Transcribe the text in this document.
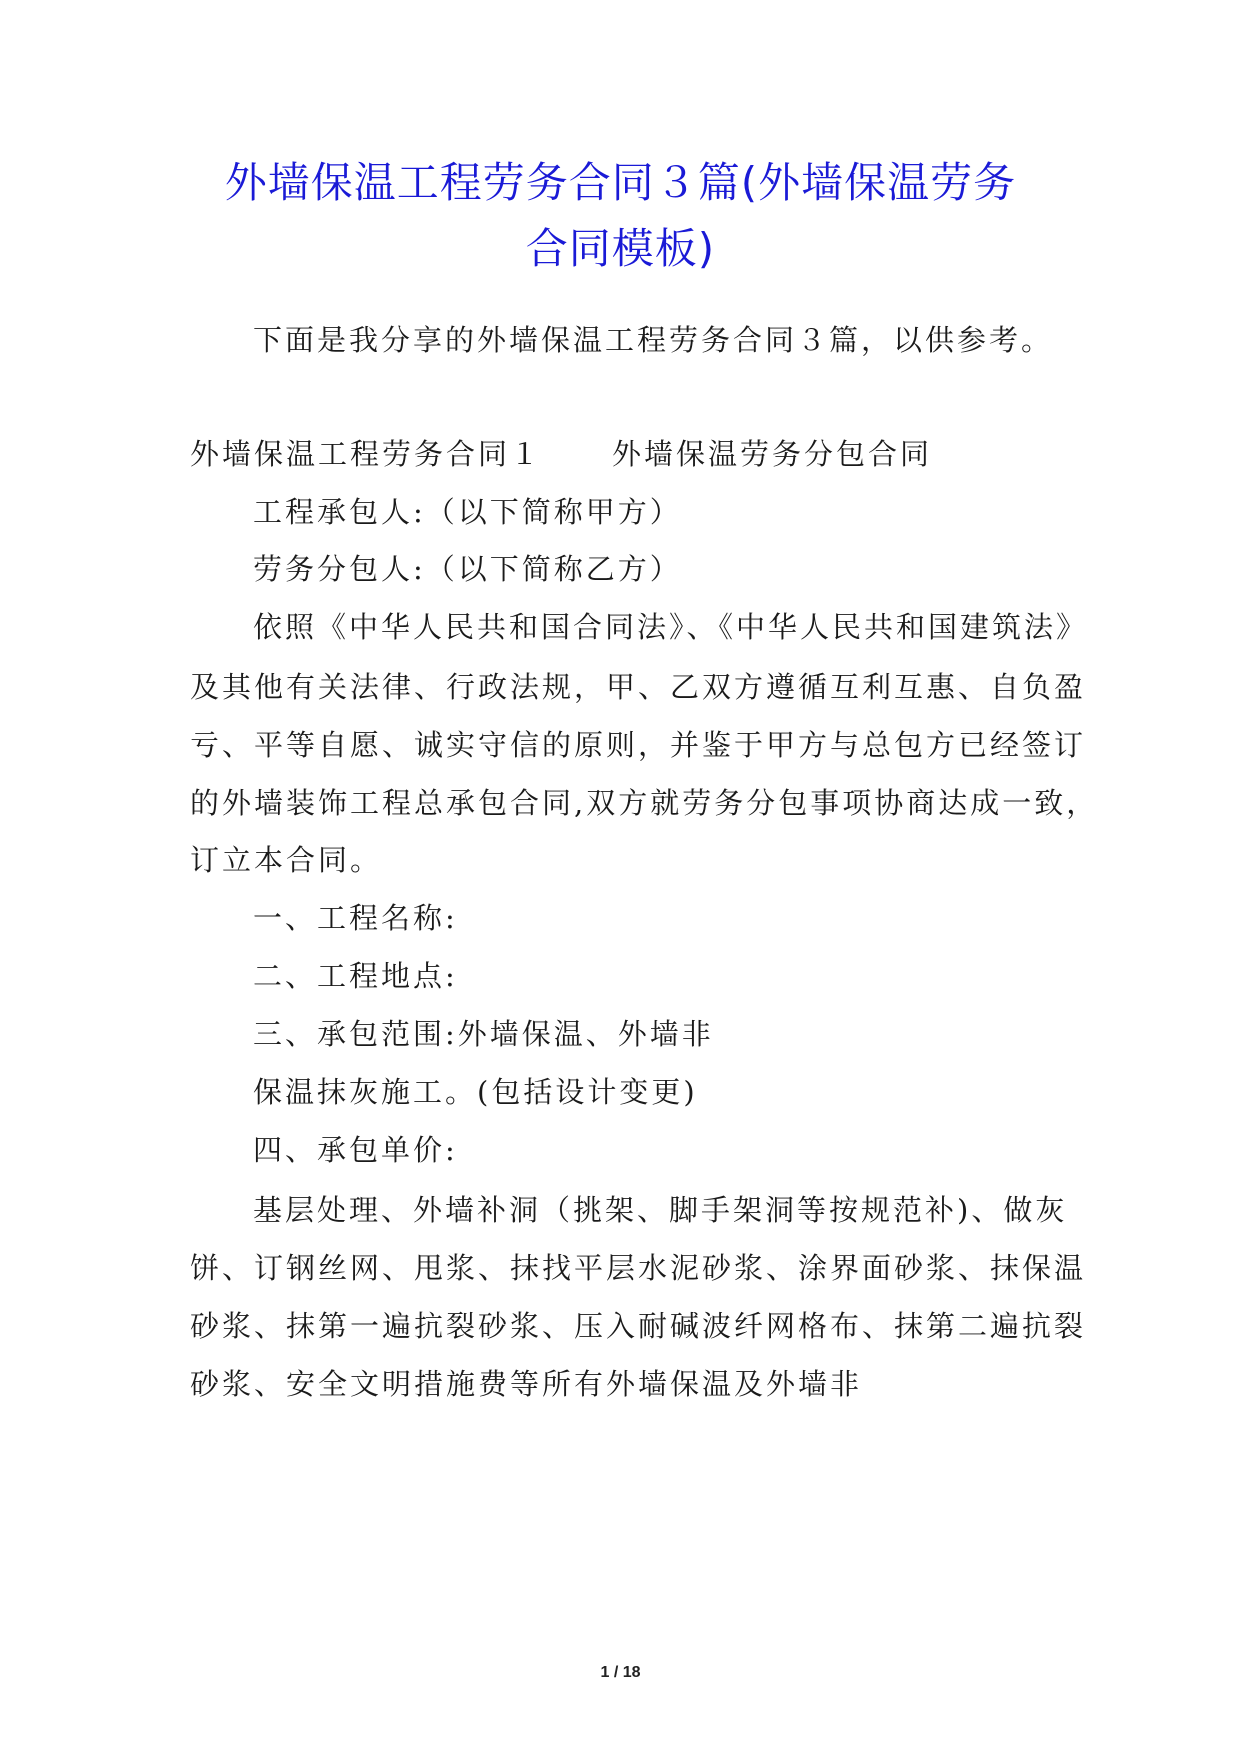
外墙保温工程劳务合同３篇(外墙保温劳务
合同模板)

下面是我分享的外墙保温工程劳务合同３篇，以供参考。

外墙保温工程劳务合同１ 外墙保温劳务分包合同

工程承包人:（以下简称甲方）

劳务分包人:（以下简称乙方）

依照《中华人民共和国合同法》、《中华人民共和国建筑法》

及其他有关法律、行政法规，甲、乙双方遵循互利互惠、自负盈

亏、平等自愿、诚实守信的原则，并鉴于甲方与总包方已经签订

的外墙装饰工程总承包合同,双方就劳务分包事项协商达成一致，

订立本合同。

一、工程名称:

二、工程地点:

三、承包范围:外墙保温、外墙非

保温抹灰施工。(包括设计变更)

四、承包单价:

基层处理、外墙补洞（挑架、脚手架洞等按规范补)、做灰

饼、订钢丝网、甩浆、抹找平层水泥砂浆、涂界面砂浆、抹保温

砂浆、抹第一遍抗裂砂浆、压入耐碱波纤网格布、抹第二遍抗裂

砂浆、安全文明措施费等所有外墙保温及外墙非

1 / 18
